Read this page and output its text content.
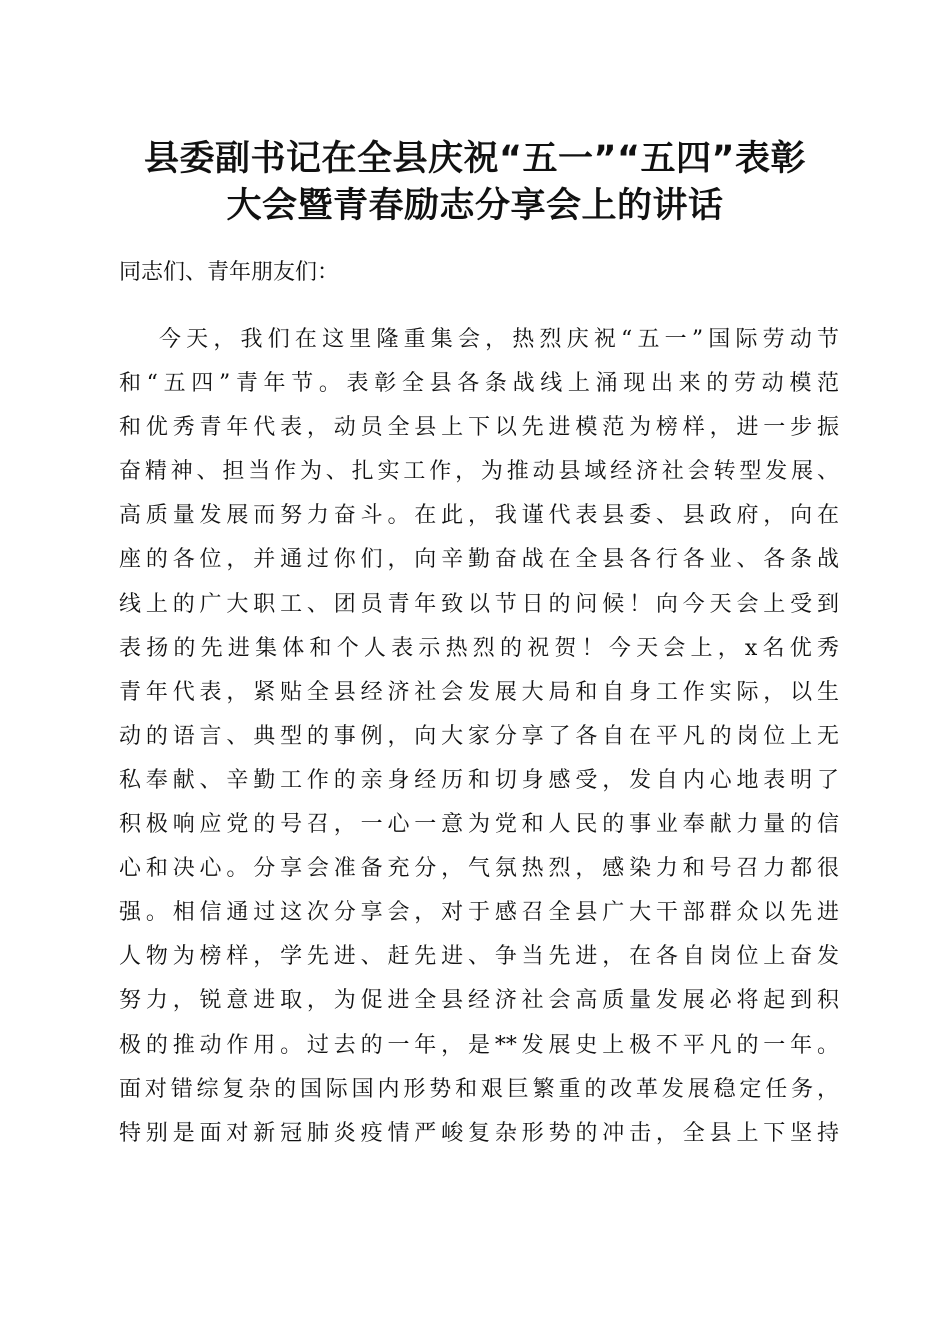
县委副书记在全县庆祝“五一”“五四”表彰
大会暨青春励志分享会上的讲话
同志们、青年朋友们：
今天，我们在这里隆重集会，热烈庆祝“五一”国际劳动节
和“五四”青年节。表彰全县各条战线上涌现出来的劳动模范
和优秀青年代表，动员全县上下以先进模范为榜样，进一步振
奋精神、担当作为、扎实工作，为推动县域经济社会转型发展、
高质量发展而努力奋斗。在此，我谨代表县委、县政府，向在
座的各位，并通过你们，向辛勤奋战在全县各行各业、各条战
线上的广大职工、团员青年致以节日的问候！向今天会上受到
表扬的先进集体和个人表示热烈的祝贺！今天会上，x名优秀
青年代表，紧贴全县经济社会发展大局和自身工作实际，以生
动的语言、典型的事例，向大家分享了各自在平凡的岗位上无
私奉献、辛勤工作的亲身经历和切身感受，发自内心地表明了
积极响应党的号召，一心一意为党和人民的事业奉献力量的信
心和决心。分享会准备充分，气氛热烈，感染力和号召力都很
强。相信通过这次分享会，对于感召全县广大干部群众以先进
人物为榜样，学先进、赶先进、争当先进，在各自岗位上奋发
努力，锐意进取，为促进全县经济社会高质量发展必将起到积
极的推动作用。过去的一年，是**发展史上极不平凡的一年。
面对错综复杂的国际国内形势和艰巨繁重的改革发展稳定任务，
特别是面对新冠肺炎疫情严峻复杂形势的冲击，全县上下坚持
